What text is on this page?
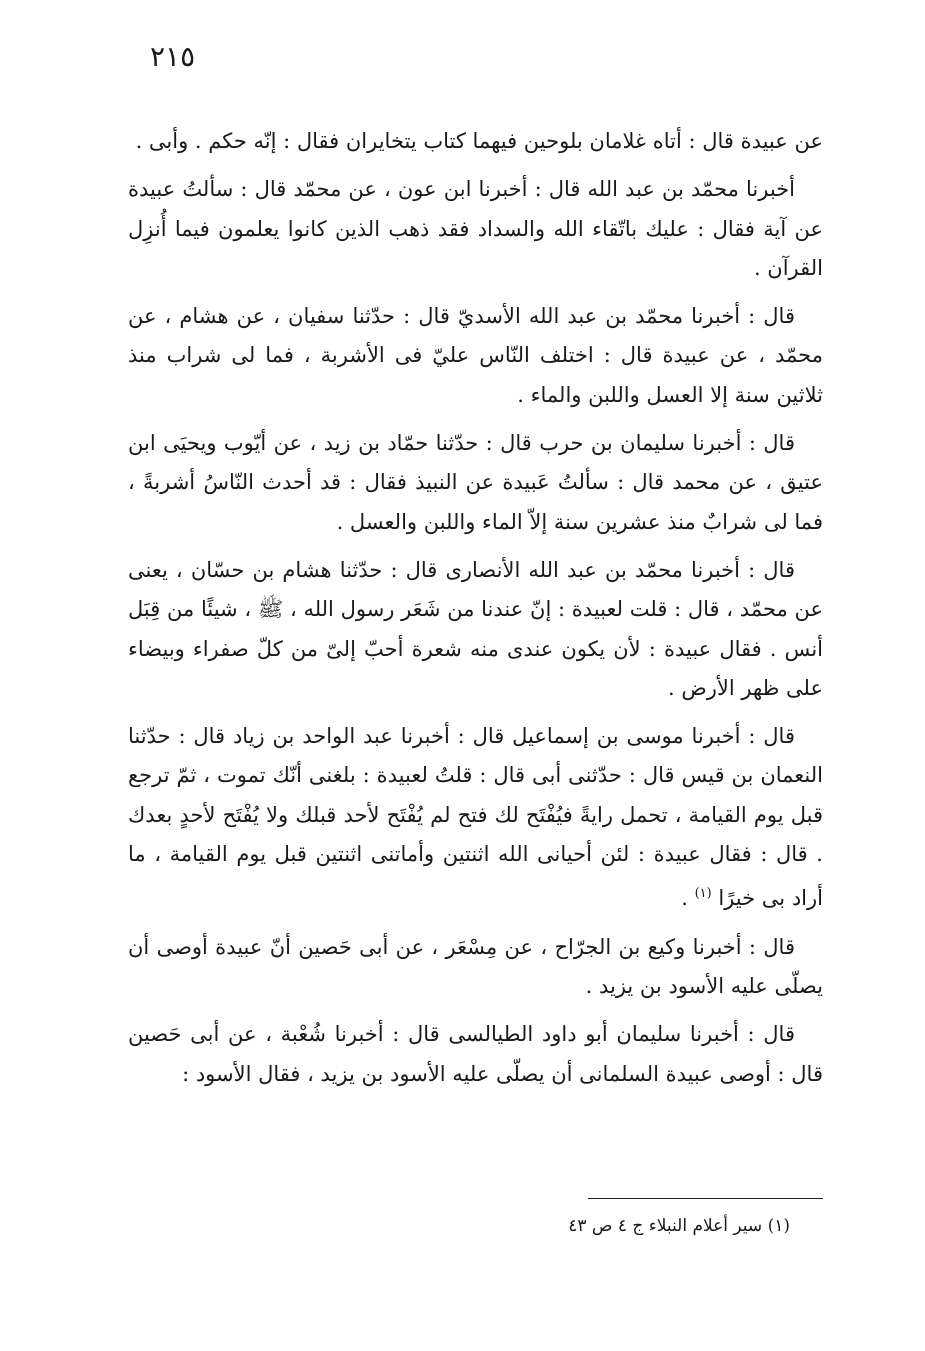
٢١٥

عن عبيدة قال : أتاه غلامان بلوحين فيهما كتاب يتخايران فقال : إنّه حكم . وأبى .

أخبرنا محمّد بن عبد الله قال : أخبرنا ابن عون ، عن محمّد قال : سألتُ عبيدة عن آية فقال : عليك باتّقاء الله والسداد فقد ذهب الذين كانوا يعلمون فيما أُنزِل القرآن .

قال : أخبرنا محمّد بن عبد الله الأسديّ قال : حدّثنا سفيان ، عن هشام ، عن محمّد ، عن عبيدة قال : اختلف النّاس عليّ فى الأشربة ، فما لى شراب منذ ثلاثين سنة إلا العسل واللبن والماء .

قال : أخبرنا سليمان بن حرب قال : حدّثنا حمّاد بن زيد ، عن أيّوب ويحيَى ابن عتيق ، عن محمد قال : سألتُ عَبيدة عن النبيذ فقال : قد أحدث النّاسُ أشربةً ، فما لى شرابٌ منذ عشرين سنة إلاّ الماء واللبن والعسل .

قال : أخبرنا محمّد بن عبد الله الأنصارى قال : حدّثنا هشام بن حسّان ، يعنى عن محمّد ، قال : قلت لعبيدة : إنّ عندنا من شَعَر رسول الله ، ﷺ ، شيئًا من قِبَل أنس . فقال عبيدة : لأن يكون عندى منه شعرة أحبّ إلىّ من كلّ صفراء وبيضاء على ظهر الأرض .

قال : أخبرنا موسى بن إسماعيل قال : أخبرنا عبد الواحد بن زياد قال : حدّثنا النعمان بن قيس قال : حدّثنى أبى قال : قلتُ لعبيدة : بلغنى أنّك تموت ، ثمّ ترجع قبل يوم القيامة ، تحمل رايةً فيُفْتَح لك فتح لم يُفْتَح لأحد قبلك ولا يُفْتَح لأحدٍ بعدك . قال : فقال عبيدة : لئن أحيانى الله اثنتين وأماتنى اثنتين قبل يوم القيامة ، ما أراد بى خيرًا $^{(١)}$ .

قال : أخبرنا وكيع بن الجرّاح ، عن مِسْعَر ، عن أبى حَصين أنّ عبيدة أوصى أن يصلّى عليه الأسود بن يزيد .

قال : أخبرنا سليمان أبو داود الطيالسى قال : أخبرنا شُعْبة ، عن أبى حَصين قال : أوصى عبيدة السلمانى أن يصلّى عليه الأسود بن يزيد ، فقال الأسود :

(١) سير أعلام النبلاء ج ٤ ص ٤٣
